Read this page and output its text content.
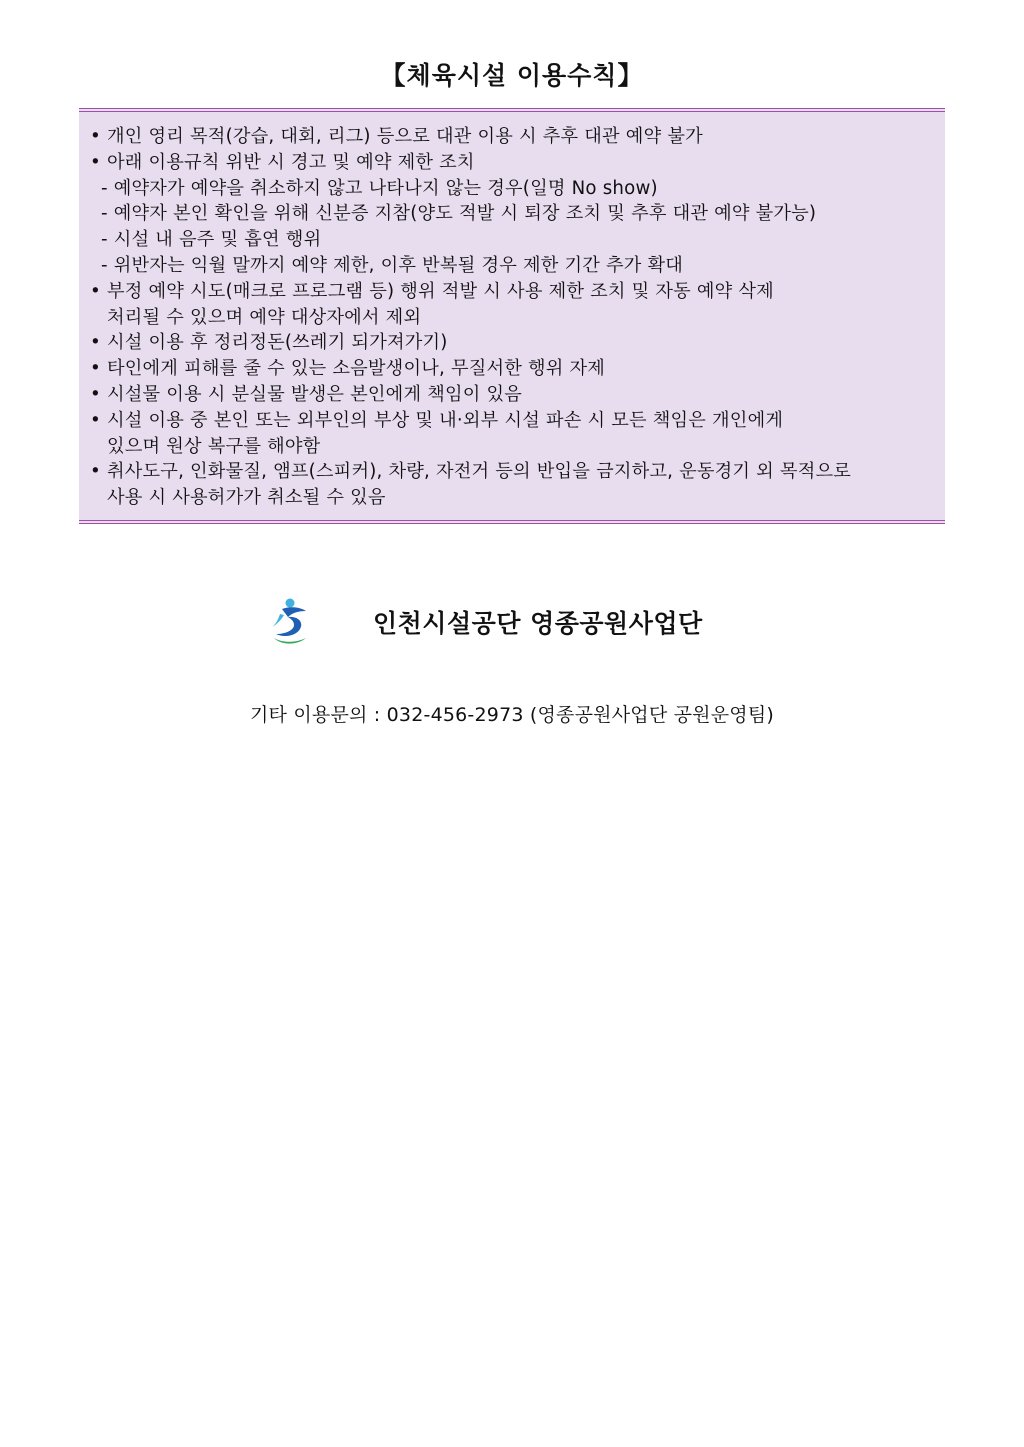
【체육시설 이용수칙】
• 개인 영리 목적(강습, 대회, 리그) 등으로 대관 이용 시 추후 대관 예약 불가
• 아래 이용규칙 위반 시 경고 및 예약 제한 조치
- 예약자가 예약을 취소하지 않고 나타나지 않는 경우(일명 No show)
- 예약자 본인 확인을 위해 신분증 지참(양도 적발 시 퇴장 조치 및 추후 대관 예약 불가능)
- 시설 내 음주 및 흡연 행위
- 위반자는 익월 말까지 예약 제한, 이후 반복될 경우 제한 기간 추가 확대
• 부정 예약 시도(매크로 프로그램 등) 행위 적발 시 사용 제한 조치 및 자동 예약 삭제
처리될 수 있으며 예약 대상자에서 제외
• 시설 이용 후 정리정돈(쓰레기 되가져가기)
• 타인에게 피해를 줄 수 있는 소음발생이나, 무질서한 행위 자제
• 시설물 이용 시 분실물 발생은 본인에게 책임이 있음
• 시설 이용 중 본인 또는 외부인의 부상 및 내·외부 시설 파손 시 모든 책임은 개인에게
있으며 원상 복구를 해야함
• 취사도구, 인화물질, 앰프(스피커), 차량, 자전거 등의 반입을 금지하고, 운동경기 외 목적으로
사용 시 사용허가가 취소될 수 있음
인천시설공단 영종공원사업단
기타 이용문의 : 032-456-2973 (영종공원사업단 공원운영팀)
